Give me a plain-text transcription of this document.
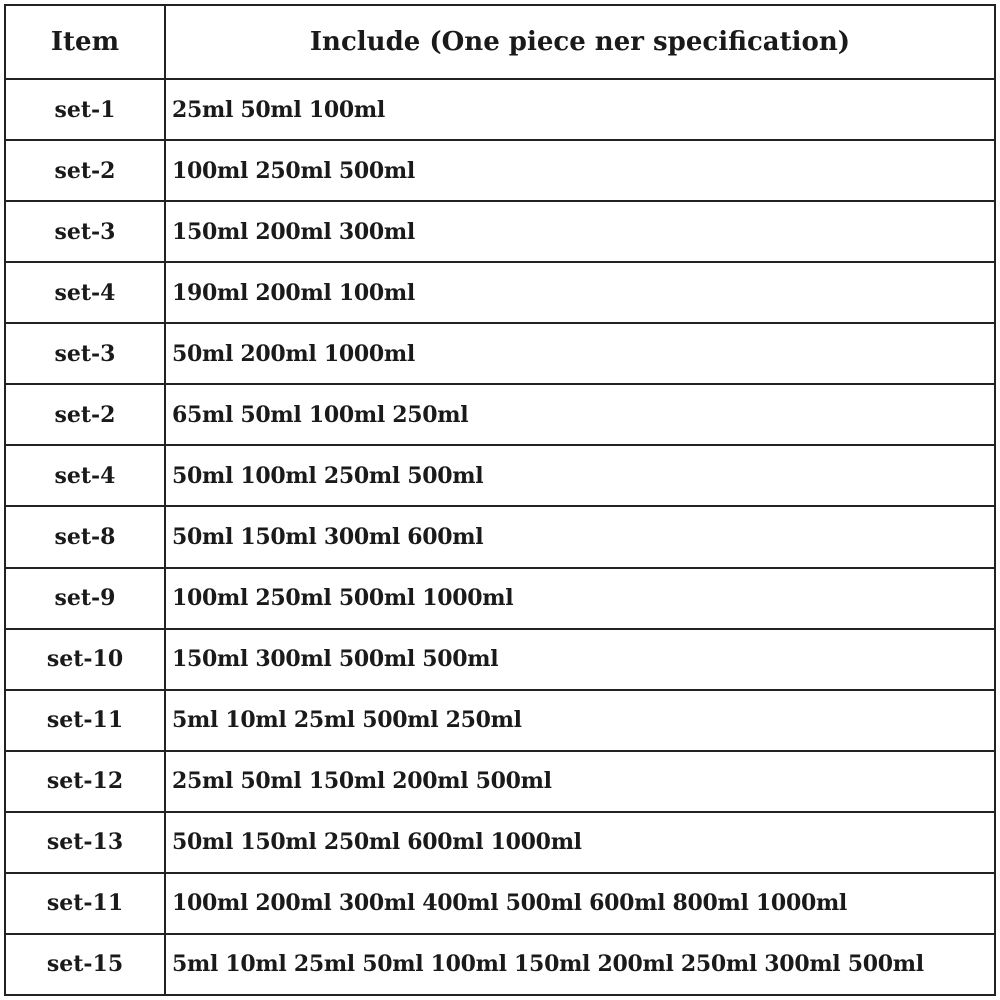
Item	Include (One piece ner specification)
set-1	25ml 50ml 100ml
set-2	100ml 250ml 500ml
set-3	150ml 200ml 300ml
set-4	190ml 200ml 100ml
set-3	50ml 200ml 1000ml
set-2	65ml 50ml 100ml 250ml
set-4	50ml 100ml 250ml 500ml
set-8	50ml 150ml 300ml 600ml
set-9	100ml 250ml 500ml 1000ml
set-10	150ml 300ml 500ml 500ml
set-11	5ml 10ml 25ml 500ml 250ml
set-12	25ml 50ml 150ml 200ml 500ml
set-13	50ml 150ml 250ml 600ml 1000ml
set-11	100ml 200ml 300ml 400ml 500ml 600ml 800ml 1000ml
set-15	5ml 10ml 25ml 50ml 100ml 150ml 200ml 250ml 300ml 500ml
